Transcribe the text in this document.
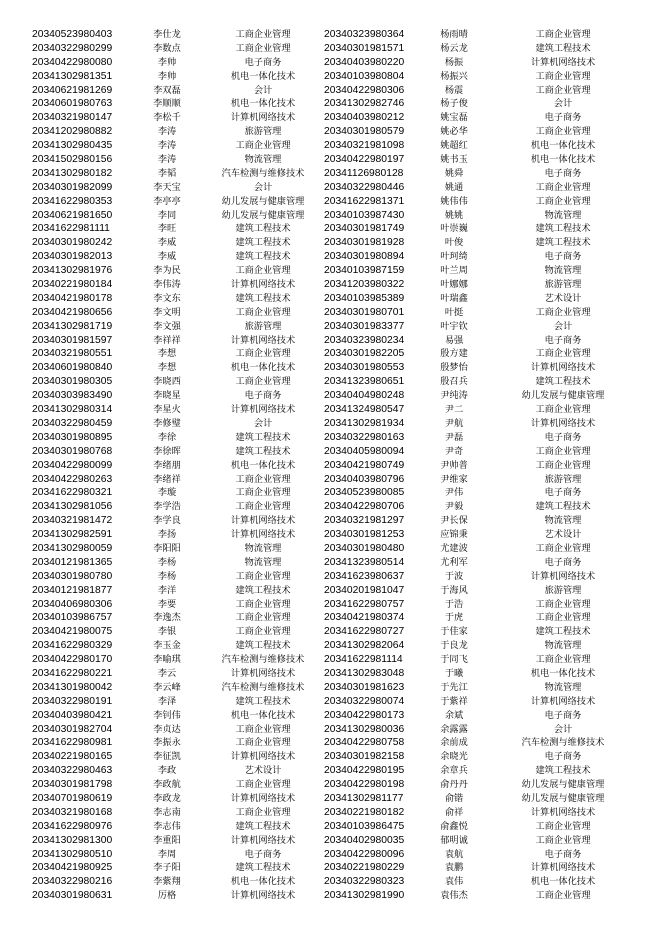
20340523980403	李仕龙	工商企业管理
20340322980299	李数点	工商企业管理
20340422980080	李帅	电子商务
20341302981351	李帅	机电一体化技术
20340621981269	李双磊	会计
20340601980763	李顺顺	机电一体化技术
20340321980147	李松千	计算机网络技术
20341202980882	李涛	旅游管理
20341302980435	李涛	工商企业管理
20341502980156	李涛	物流管理
20341302980182	李韬	汽车检测与维修技术
20340301982099	李天宝	会计
20341622980353	李亭亭	幼儿发展与健康管理
20340621981650	李同	幼儿发展与健康管理
20341622981111	李旺	建筑工程技术
20340301980242	李威	建筑工程技术
20340301982013	李威	建筑工程技术
20341302981976	李为民	工商企业管理
20340221980184	李伟涛	计算机网络技术
20340421980178	李文东	建筑工程技术
20340421980656	李文明	工商企业管理
20341302981719	李文强	旅游管理
20340301981597	李祥祥	计算机网络技术
20340321980551	李想	工商企业管理
20340601980840	李想	机电一体化技术
20340301980305	李晓西	工商企业管理
20340303983490	李晓星	电子商务
20341302980314	李星火	计算机网络技术
20340322980459	李修璧	会计
20340301980895	李徐	建筑工程技术
20340301980768	李徐晖	建筑工程技术
20340422980099	李绪朋	机电一体化技术
20340422980263	李绪祥	工商企业管理
20341622980321	李璇	工商企业管理
20341302981056	李学浩	工商企业管理
20340321981472	李学良	计算机网络技术
20341302982591	李扬	计算机网络技术
20341302980059	李阳阳	物流管理
20340121981365	李杨	物流管理
20340301980780	李杨	工商企业管理
20340121981877	李洋	建筑工程技术
20340406980306	李要	工商企业管理
20340103986757	李逸杰	工商企业管理
20340421980075	李银	工商企业管理
20341622980329	李玉金	建筑工程技术
20340422980170	李喻琪	汽车检测与维修技术
20341622980221	李云	计算机网络技术
20341301980042	李云峰	汽车检测与维修技术
20340322980191	李泽	建筑工程技术
20340403980421	李钊伟	机电一体化技术
20340301982704	李贞达	工商企业管理
20341622980981	李振永	工商企业管理
20340221980165	李征凯	计算机网络技术
20340322980463	李政	艺术设计
20340301981798	李政航	工商企业管理
20340701980619	李政龙	计算机网络技术
20340321980168	李志南	工商企业管理
20341622980976	李志伟	建筑工程技术
20341302981300	李重阳	计算机网络技术
20341302980510	李周	电子商务
20340421980925	李子阳	建筑工程技术
20340322980216	李紫翔	机电一体化技术
20340301980631	厉格	计算机网络技术
20340323980364	杨雨晴	工商企业管理
20340301981571	杨云龙	建筑工程技术
20340403980220	杨振	计算机网络技术
20340103980804	杨振兴	工商企业管理
20340422980306	杨震	工商企业管理
20341302982746	杨子俊	会计
20340403980212	姚宝磊	电子商务
20340301980579	姚必华	工商企业管理
20340321981098	姚超红	机电一体化技术
20340422980197	姚书玉	机电一体化技术
20341126980128	姚舜	电子商务
20340322980446	姚通	工商企业管理
20341622981371	姚伟伟	工商企业管理
20340103987430	姚姚	物流管理
20340301981749	叶崇巍	建筑工程技术
20340301981928	叶俊	建筑工程技术
20340301980894	叶珂绮	电子商务
20340103987159	叶兰周	物流管理
20341203980322	叶娜娜	旅游管理
20340103985389	叶瑞鑫	艺术设计
20340301980701	叶挺	工商企业管理
20340301983377	叶宇钦	会计
20340323980234	易强	电子商务
20340301982205	殷方建	工商企业管理
20340301980553	殷梦怡	计算机网络技术
20341323980651	殷召兵	建筑工程技术
20340404980248	尹纯涛	幼儿发展与健康管理
20341324980547	尹二	工商企业管理
20341302981934	尹航	计算机网络技术
20340322980163	尹磊	电子商务
20340405980094	尹奇	工商企业管理
20340421980749	尹帅普	工商企业管理
20340403980796	尹维家	旅游管理
20340523980085	尹伟	电子商务
20340422980706	尹毅	建筑工程技术
20340321981297	尹长保	物流管理
20340301981253	应锦秉	艺术设计
20340301980480	尤建波	工商企业管理
20341323980514	尤利军	电子商务
20341623980637	于波	计算机网络技术
20340201981047	于海风	旅游管理
20341622980757	于浩	工商企业管理
20340421980374	于虎	工商企业管理
20341622980727	于佳家	建筑工程技术
20341302982064	于良龙	物流管理
20341622981114	于同飞	工商企业管理
20341302983048	于曦	机电一体化技术
20340301981623	于先江	物流管理
20340322980074	于紫祥	计算机网络技术
20340422980173	余斌	电子商务
20341302980036	余露露	会计
20340422980758	余前成	汽车检测与维修技术
20340301982158	余晓光	电子商务
20340422980195	余章兵	建筑工程技术
20340422980198	俞丹丹	幼儿发展与健康管理
20341302981177	俞锴	幼儿发展与健康管理
20340221980182	俞祥	计算机网络技术
20340103986475	俞鑫悦	工商企业管理
20340402980035	郁明诚	工商企业管理
20340422980096	袁航	电子商务
20340221980229	袁鹏	计算机网络技术
20340322980323	袁伟	机电一体化技术
20341302981990	袁伟杰	工商企业管理
